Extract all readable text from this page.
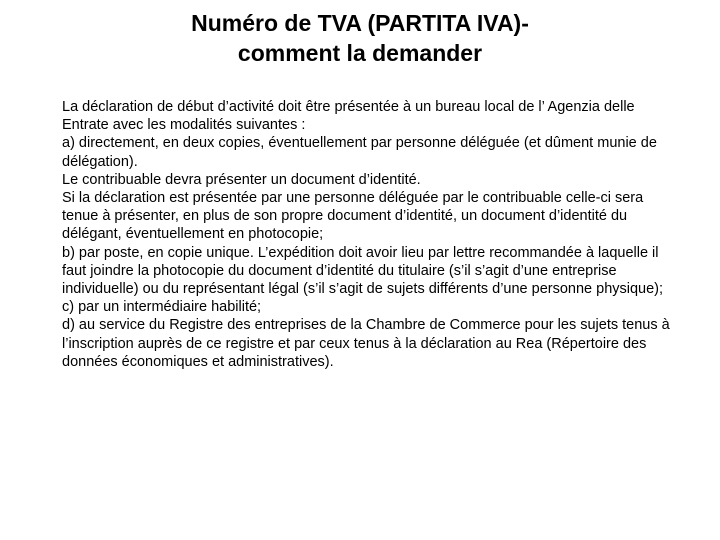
Numéro de TVA (PARTITA IVA)-
comment la demander

La déclaration de début d’activité doit être présentée à un bureau local de l’ Agenzia delle Entrate avec les modalités suivantes :

a) directement, en deux copies, éventuellement par personne déléguée (et dûment munie de délégation).

Le contribuable devra présenter un document d’identité.

Si la déclaration est présentée par une personne déléguée par le contribuable celle-ci sera tenue à présenter, en plus de son propre document d’identité, un document d’identité du délégant, éventuellement en photocopie;

b) par poste, en copie unique. L’expédition doit avoir lieu par lettre recommandée à laquelle il faut joindre la photocopie du document d’identité du titulaire (s’il s’agit d’une entreprise individuelle) ou du représentant légal (s’il s’agit de sujets différents d’une personne physique);

c) par un intermédiaire habilité;

d) au service du Registre des entreprises de la Chambre de Commerce pour les sujets tenus à l’inscription auprès de ce registre et par ceux tenus à la déclaration au Rea (Répertoire des données économiques et administratives).
